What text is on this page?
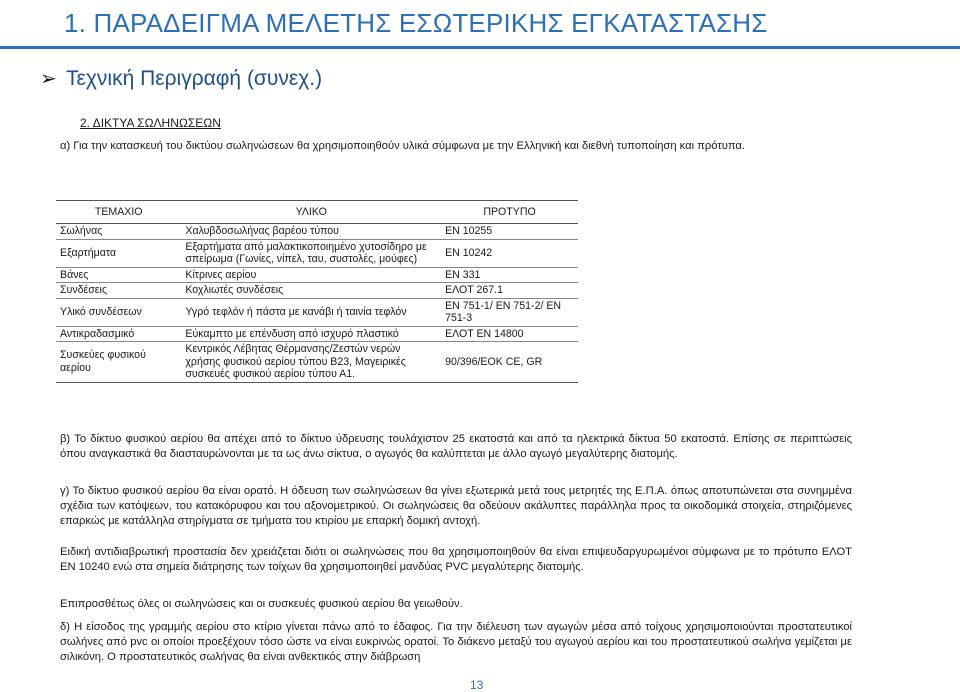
1. ΠΑΡΑΔΕΙΓΜΑ ΜΕΛΕΤΗΣ ΕΣΩΤΕΡΙΚΗΣ ΕΓΚΑΤΑΣΤΑΣΗΣ
➢ Τεχνική Περιγραφή (συνεχ.)
2. ΔΙΚΤΥΑ ΣΩΛΗΝΩΣΕΩΝ
α) Για την κατασκευή του δικτύου σωληνώσεων θα χρησιμοποιηθούν υλικά σύμφωνα με την Ελληνική και διεθνή τυποποίηση και πρότυπα.
ΤΕΜΑΧΙΟ	ΥΛΙΚΟ	ΠΡΟΤΥΠΟ
Σωλήνας	Χαλυβδοσωλήνας βαρέου τύπου	EN 10255
Εξαρτήματα	Εξαρτήματα από μαλακτικοποιημένο χυτοσίδηρο με σπείρωμα (Γωνίες, νίπελ, ταυ, συστολές, μούφες)	EN 10242
Βάνες	Κίτρινες αερίου	EN 331
Συνδέσεις	Κοχλιωτές συνδέσεις	ΕΛΟΤ 267.1
Υλικό συνδέσεων	Υγρό τεφλόν ή πάστα με κανάβι ή ταινία τεφλόν	EN 751-1/ EN 751-2/ EN 751-3
Αντικραδασμικό	Εύκαμπτο με επένδυση από ισχυρό πλαστικό	ΕΛΟΤ EN 14800
Συσκεύες φυσικού αερίου	Κεντρικός Λέβητας Θέρμανσης/Ζεστών νερών χρήσης φυσικού αερίου τύπου Β23, Μαγειρικές συσκευές φυσικού αερίου τύπου Α1.	90/396/ΕΟΚ CE, GR
β) Το δίκτυο φυσικού αερίου θα απέχει από το δίκτυο ύδρευσης τουλάχιστον 25 εκατοστά και από τα ηλεκτρικά δίκτυα 50 εκατοστά. Επίσης σε περιπτώσεις όπου αναγκαστικά θα διασταυρώνονται με τα ως άνω σίκτυα, ο αγωγός θα καλύπτεται με άλλο αγωγό μεγαλύτερης διατομής.
γ) Το δίκτυο φυσικού αερίου θα είναι ορατό. Η όδευση των σωληνώσεων θα γίνει εξωτερικά μετά τους μετρητές της Ε.Π.Α. όπως αποτυπώνεται στα συνημμένα σχέδια των κατόψεων, του κατακόρυφου και του αξονομετρικού. Οι σωληνώσεις θα οδεύουν ακάλυπτες παράλληλα προς τα οικοδομικά στοιχεία, στηριζόμενες επαρκώς με κατάλληλα στηρίγματα σε τμήματα του κτιρίου με επαρκή δομική αντοχή.
Ειδική αντιδιαβρωτική προστασία δεν χρειάζεται διότι οι σωληνώσεις που θα χρησιμοποιηθούν θα είναι επιψευδαργυρωμένοι σύμφωνα με το πρότυπο ΕΛΟΤ EN 10240 ενώ στα σημεία διάτρησης των τοίχων θα χρησιμοποιηθεί μανδύας PVC μεγαλύτερης διατομής.
Επιπροσθέτως όλες οι σωληνώσεις και οι συσκευές φυσικού αερίου θα γειωθούν.
δ) Η είσοδος της γραμμής αερίου στο κτίριο γίνεται πάνω από το έδαφος. Για την διέλευση των αγωγών μέσα από τοίχους χρησιμοποιούνται προστατευτικοί σωλήνες από pvc οι οποίοι προεξέχουν τόσο ώστε να είναι ευκρινώς ορατοί. Το διάκενο μεταξύ του αγωγού αερίου και του προστατευτικού σωλήνα γεμίζεται με σιλικόνη. Ο προστατευτικός σωλήνας θα είναι ανθεκτικός στην διάβρωση
13
